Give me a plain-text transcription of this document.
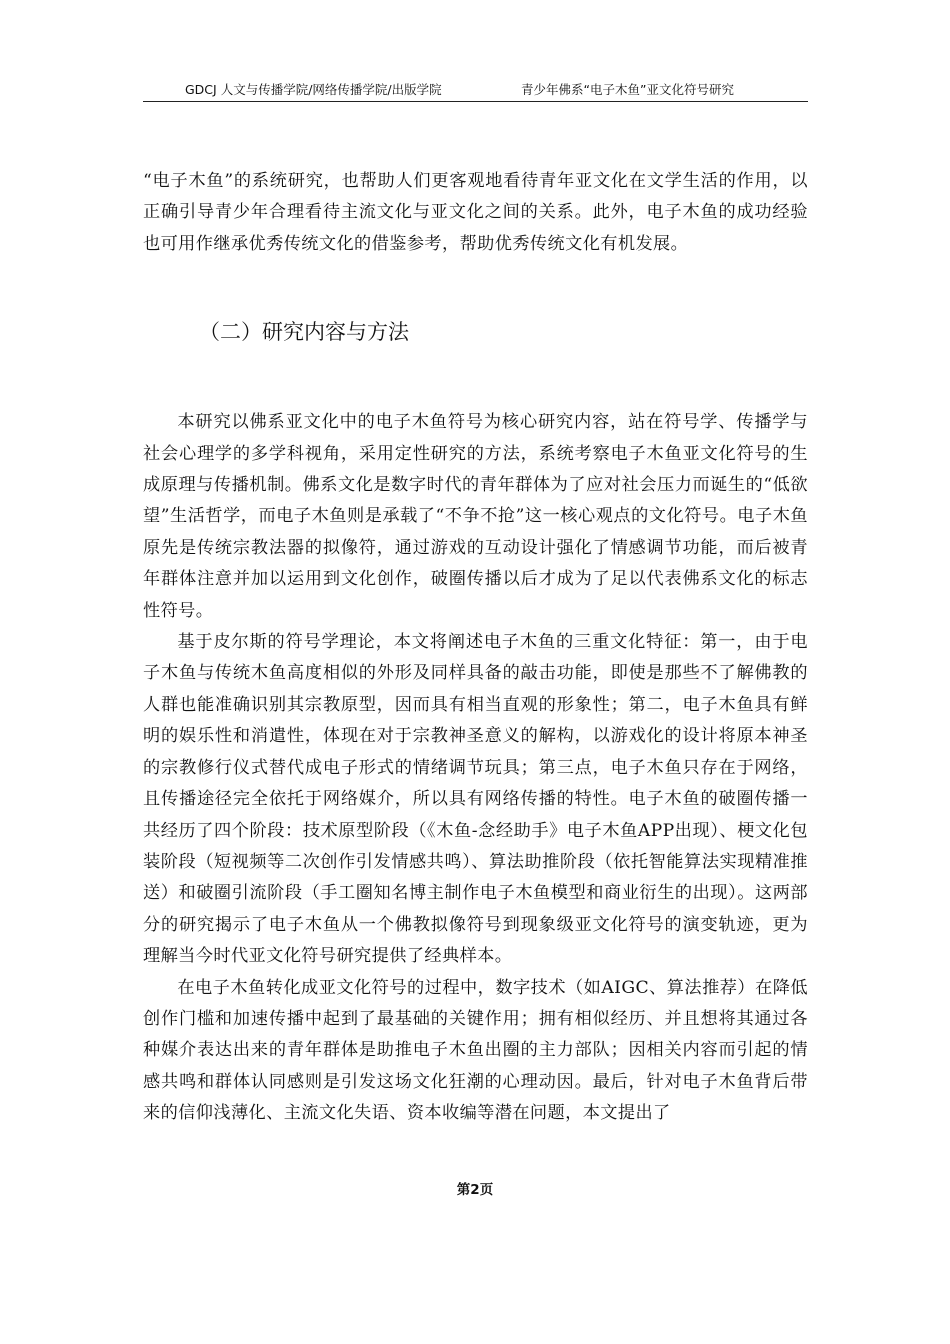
GDCJ 人文与传播学院/网络传播学院/出版学院	青少年佛系“电子木鱼”亚文化符号研究

“电子木鱼”的系统研究，也帮助人们更客观地看待青年亚文化在文学生活的作用，以正确引导青少年合理看待主流文化与亚文化之间的关系。此外，电子木鱼的成功经验也可用作继承优秀传统文化的借鉴参考，帮助优秀传统文化有机发展。

（二）研究内容与方法

本研究以佛系亚文化中的电子木鱼符号为核心研究内容，站在符号学、传播学与社会心理学的多学科视角，采用定性研究的方法，系统考察电子木鱼亚文化符号的生成原理与传播机制。佛系文化是数字时代的青年群体为了应对社会压力而诞生的“低欲望”生活哲学，而电子木鱼则是承载了“不争不抢”这一核心观点的文化符号。电子木鱼原先是传统宗教法器的拟像符，通过游戏的互动设计强化了情感调节功能，而后被青年群体注意并加以运用到文化创作，破圈传播以后才成为了足以代表佛系文化的标志性符号。

基于皮尔斯的符号学理论，本文将阐述电子木鱼的三重文化特征：第一，由于电子木鱼与传统木鱼高度相似的外形及同样具备的敲击功能，即使是那些不了解佛教的人群也能准确识别其宗教原型，因而具有相当直观的形象性；第二，电子木鱼具有鲜明的娱乐性和消遣性，体现在对于宗教神圣意义的解构，以游戏化的设计将原本神圣的宗教修行仪式替代成电子形式的情绪调节玩具；第三点，电子木鱼只存在于网络，且传播途径完全依托于网络媒介，所以具有网络传播的特性。电子木鱼的破圈传播一共经历了四个阶段：技术原型阶段（《木鱼-念经助手》电子木鱼APP出现）、梗文化包装阶段（短视频等二次创作引发情感共鸣）、算法助推阶段（依托智能算法实现精准推送）和破圈引流阶段（手工圈知名博主制作电子木鱼模型和商业衍生的出现）。这两部分的研究揭示了电子木鱼从一个佛教拟像符号到现象级亚文化符号的演变轨迹，更为理解当今时代亚文化符号研究提供了经典样本。

在电子木鱼转化成亚文化符号的过程中，数字技术（如AIGC、算法推荐）在降低创作门槛和加速传播中起到了最基础的关键作用；拥有相似经历、并且想将其通过各种媒介表达出来的青年群体是助推电子木鱼出圈的主力部队；因相关内容而引起的情感共鸣和群体认同感则是引发这场文化狂潮的心理动因。最后，针对电子木鱼背后带来的信仰浅薄化、主流文化失语、资本收编等潜在问题，本文提出了

第2页
